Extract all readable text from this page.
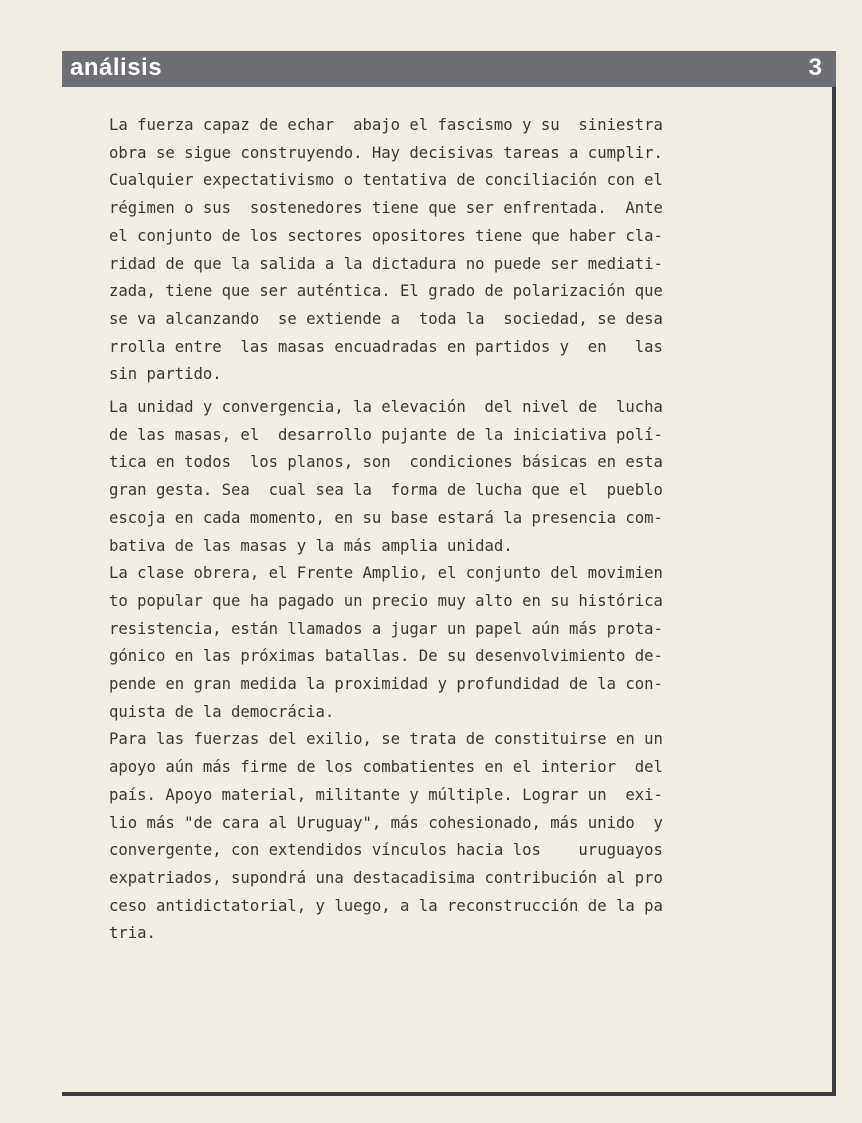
análisis	3

La fuerza capaz de echar  abajo el fascismo y su  siniestra
obra se sigue construyendo. Hay decisivas tareas a cumplir.
Cualquier expectativismo o tentativa de conciliación con el
régimen o sus  sostenedores tiene que ser enfrentada.  Ante
el conjunto de los sectores opositores tiene que haber cla-
ridad de que la salida a la dictadura no puede ser mediati-
zada, tiene que ser auténtica. El grado de polarización que
se va alcanzando  se extiende a  toda la  sociedad, se desa
rrolla entre  las masas encuadradas en partidos y  en   las
sin partido.

La unidad y convergencia, la elevación  del nivel de  lucha
de las masas, el  desarrollo pujante de la iniciativa polí-
tica en todos  los planos, son  condiciones básicas en esta
gran gesta. Sea  cual sea la  forma de lucha que el  pueblo
escoja en cada momento, en su base estará la presencia com-
bativa de las masas y la más amplia unidad.

La clase obrera, el Frente Amplio, el conjunto del movimien
to popular que ha pagado un precio muy alto en su histórica
resistencia, están llamados a jugar un papel aún más prota-
gónico en las próximas batallas. De su desenvolvimiento de-
pende en gran medida la proximidad y profundidad de la con-
quista de la democrácia.

Para las fuerzas del exilio, se trata de constituirse en un
apoyo aún más firme de los combatientes en el interior  del
país. Apoyo material, militante y múltiple. Lograr un  exi-
lio más "de cara al Uruguay", más cohesionado, más unido  y
convergente, con extendidos vínculos hacia los    uruguayos
expatriados, supondrá una destacadisima contribución al pro
ceso antidictatorial, y luego, a la reconstrucción de la pa
tria.
